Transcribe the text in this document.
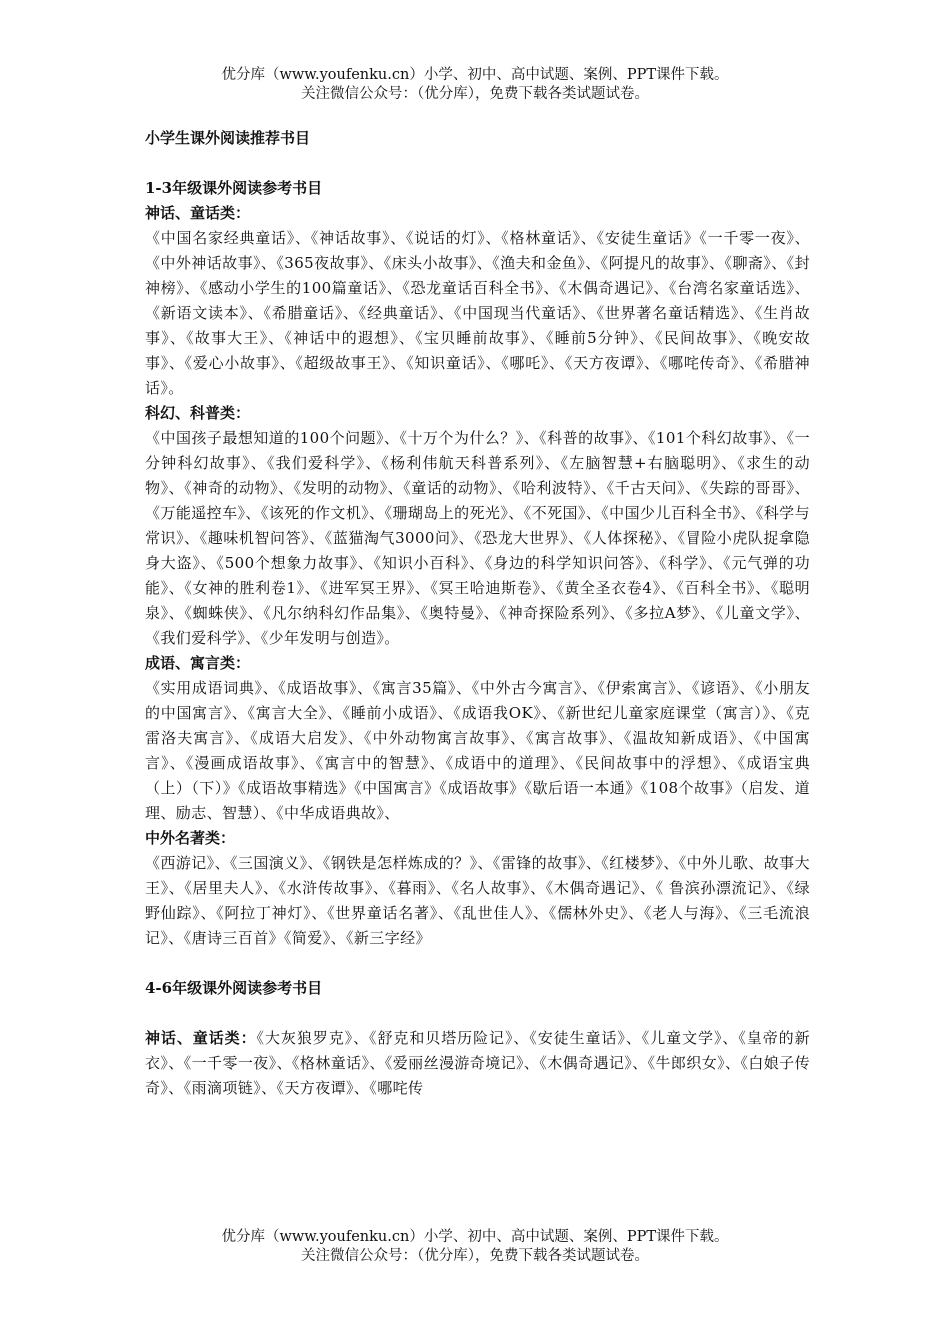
优分库（www.youfenku.cn）小学、初中、高中试题、案例、PPT课件下载。
关注微信公众号：（优分库），免费下载各类试题试卷。

小学生课外阅读推荐书目

1-3年级课外阅读参考书目

神话、童话类：

《中国名家经典童话》、《神话故事》、《说话的灯》、《格林童话》、《安徒生童话》《一千零一夜》、《中外神话故事》、《365夜故事》、《床头小故事》、《渔夫和金鱼》、《阿提凡的故事》、《聊斋》、《封神榜》、《感动小学生的100篇童话》、《恐龙童话百科全书》、《木偶奇遇记》、《台湾名家童话选》、《新语文读本》、《希腊童话》、《经典童话》、《中国现当代童话》、《世界著名童话精选》、《生肖故事》、《故事大王》、《神话中的遐想》、《宝贝睡前故事》、《睡前5分钟》、《民间故事》、《晚安故事》、《爱心小故事》、《超级故事王》、《知识童话》、《哪吒》、《天方夜谭》、《哪咤传奇》、《希腊神话》。

科幻、科普类：

《中国孩子最想知道的100个问题》、《十万个为什么？》、《科普的故事》、《101个科幻故事》、《一分钟科幻故事》、《我们爱科学》、《杨利伟航天科普系列》、《左脑智慧+右脑聪明》、《求生的动物》、《神奇的动物》、《发明的动物》、《童话的动物》、《哈利波特》、《千古天问》、《失踪的哥哥》、《万能遥控车》、《该死的作文机》、《珊瑚岛上的死光》、《不死国》、《中国少儿百科全书》、《科学与常识》、《趣味机智问答》、《蓝猫淘气3000问》、《恐龙大世界》、《人体探秘》、《冒险小虎队捉拿隐身大盗》、《500个想象力故事》、《知识小百科》、《身边的科学知识问答》、《科学》、《元气弹的功能》、《女神的胜利卷1》、《进军冥王界》、《冥王哈迪斯卷》、《黄全圣衣卷4》、《百科全书》、《聪明泉》、《蜘蛛侠》、《凡尔纳科幻作品集》、《奥特曼》、《神奇探险系列》、《多拉A梦》、《儿童文学》、《我们爱科学》、《少年发明与创造》。

成语、寓言类：

《实用成语词典》、《成语故事》、《寓言35篇》、《中外古今寓言》、《伊索寓言》、《谚语》、《小朋友的中国寓言》、《寓言大全》、《睡前小成语》、《成语我OK》、《新世纪儿童家庭课堂（寓言）》、《克雷洛夫寓言》、《成语大启发》、《中外动物寓言故事》、《寓言故事》、《温故知新成语》、《中国寓言》、《漫画成语故事》、《寓言中的智慧》、《成语中的道理》、《民间故事中的浮想》、《成语宝典（上）（下）》《成语故事精选》《中国寓言》《成语故事》《歇后语一本通》《108个故事》（启发、道理、励志、智慧）、《中华成语典故》、

中外名著类：

《西游记》、《三国演义》、《钢铁是怎样炼成的？》、《雷锋的故事》、《红楼梦》、《中外儿歌、故事大王》、《居里夫人》、《水浒传故事》、《暮雨》、《名人故事》、《木偶奇遇记》、《 鲁滨孙漂流记》、《绿野仙踪》、《阿拉丁神灯》、《世界童话名著》、《乱世佳人》、《儒林外史》、《老人与海》、《三毛流浪记》、《唐诗三百首》《简爱》、《新三字经》

4-6年级课外阅读参考书目

神话、童话类：《大灰狼罗克》、《舒克和贝塔历险记》、《安徒生童话》、《儿童文学》、《皇帝的新衣》、《一千零一夜》、《格林童话》、《爱丽丝漫游奇境记》、《木偶奇遇记》、《牛郎织女》、《白娘子传奇》、《雨滴项链》、《天方夜谭》、《哪咤传

优分库（www.youfenku.cn）小学、初中、高中试题、案例、PPT课件下载。
关注微信公众号：（优分库），免费下载各类试题试卷。
